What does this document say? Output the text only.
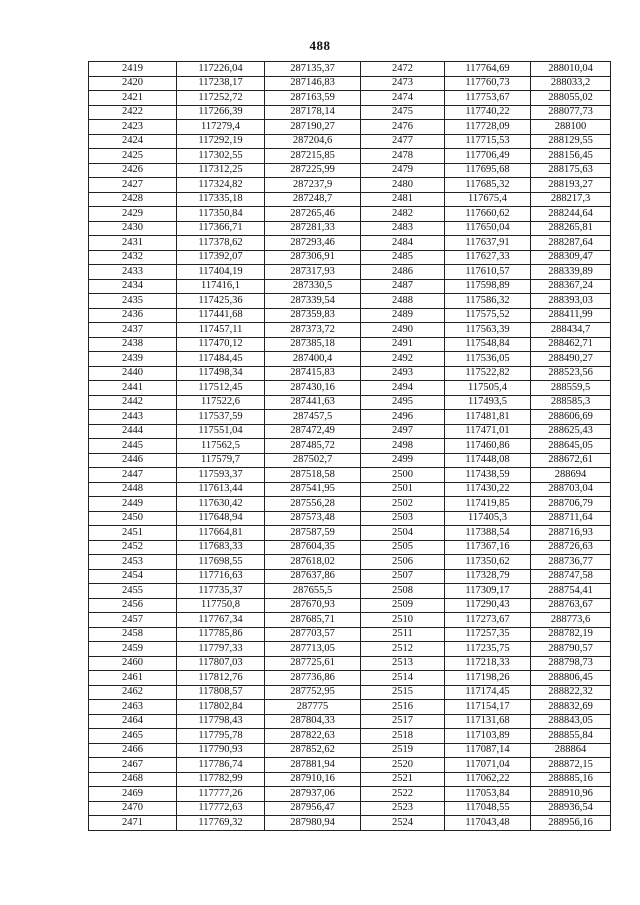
488
2419	117226,04	287135,37	2472	117764,69	288010,04
2420	117238,17	287146,83	2473	117760,73	288033,2
2421	117252,72	287163,59	2474	117753,67	288055,02
2422	117266,39	287178,14	2475	117740,22	288077,73
2423	117279,4	287190,27	2476	117728,09	288100
2424	117292,19	287204,6	2477	117715,53	288129,55
2425	117302,55	287215,85	2478	117706,49	288156,45
2426	117312,25	287225,99	2479	117695,68	288175,63
2427	117324,82	287237,9	2480	117685,32	288193,27
2428	117335,18	287248,7	2481	117675,4	288217,3
2429	117350,84	287265,46	2482	117660,62	288244,64
2430	117366,71	287281,33	2483	117650,04	288265,81
2431	117378,62	287293,46	2484	117637,91	288287,64
2432	117392,07	287306,91	2485	117627,33	288309,47
2433	117404,19	287317,93	2486	117610,57	288339,89
2434	117416,1	287330,5	2487	117598,89	288367,24
2435	117425,36	287339,54	2488	117586,32	288393,03
2436	117441,68	287359,83	2489	117575,52	288411,99
2437	117457,11	287373,72	2490	117563,39	288434,7
2438	117470,12	287385,18	2491	117548,84	288462,71
2439	117484,45	287400,4	2492	117536,05	288490,27
2440	117498,34	287415,83	2493	117522,82	288523,56
2441	117512,45	287430,16	2494	117505,4	288559,5
2442	117522,6	287441,63	2495	117493,5	288585,3
2443	117537,59	287457,5	2496	117481,81	288606,69
2444	117551,04	287472,49	2497	117471,01	288625,43
2445	117562,5	287485,72	2498	117460,86	288645,05
2446	117579,7	287502,7	2499	117448,08	288672,61
2447	117593,37	287518,58	2500	117438,59	288694
2448	117613,44	287541,95	2501	117430,22	288703,04
2449	117630,42	287556,28	2502	117419,85	288706,79
2450	117648,94	287573,48	2503	117405,3	288711,64
2451	117664,81	287587,59	2504	117388,54	288716,93
2452	117683,33	287604,35	2505	117367,16	288726,63
2453	117698,55	287618,02	2506	117350,62	288736,77
2454	117716,63	287637,86	2507	117328,79	288747,58
2455	117735,37	287655,5	2508	117309,17	288754,41
2456	117750,8	287670,93	2509	117290,43	288763,67
2457	117767,34	287685,71	2510	117273,67	288773,6
2458	117785,86	287703,57	2511	117257,35	288782,19
2459	117797,33	287713,05	2512	117235,75	288790,57
2460	117807,03	287725,61	2513	117218,33	288798,73
2461	117812,76	287736,86	2514	117198,26	288806,45
2462	117808,57	287752,95	2515	117174,45	288822,32
2463	117802,84	287775	2516	117154,17	288832,69
2464	117798,43	287804,33	2517	117131,68	288843,05
2465	117795,78	287822,63	2518	117103,89	288855,84
2466	117790,93	287852,62	2519	117087,14	288864
2467	117786,74	287881,94	2520	117071,04	288872,15
2468	117782,99	287910,16	2521	117062,22	288885,16
2469	117777,26	287937,06	2522	117053,84	288910,96
2470	117772,63	287956,47	2523	117048,55	288936,54
2471	117769,32	287980,94	2524	117043,48	288956,16
